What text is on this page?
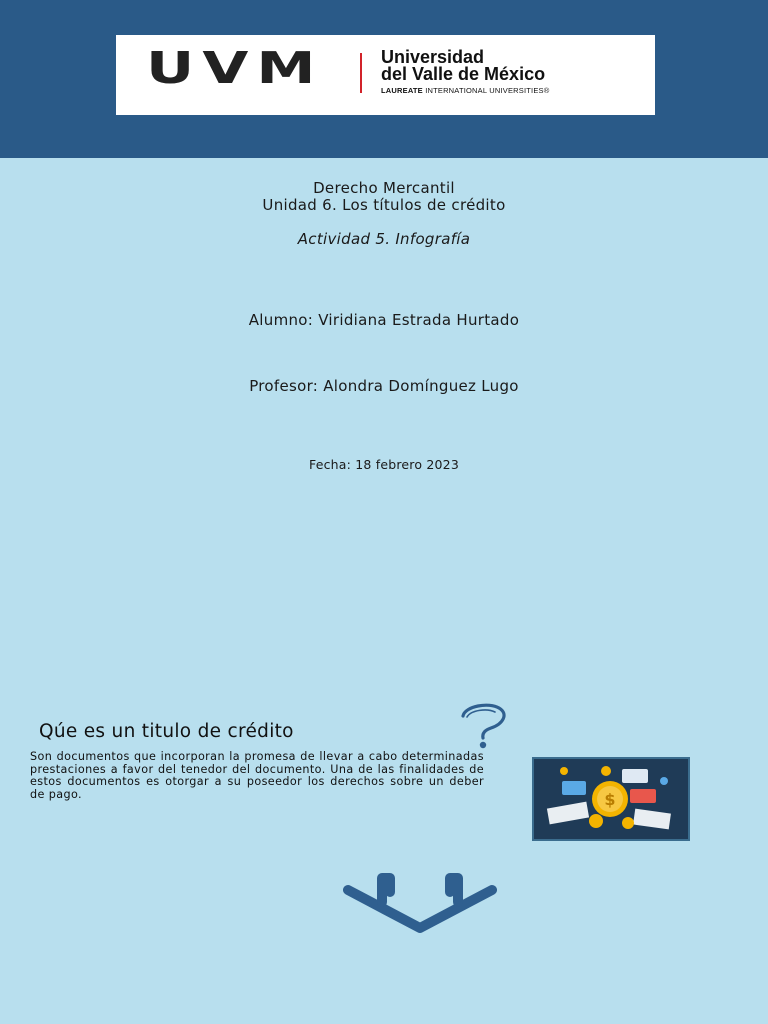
UVM	Universidad
del Valle de México
LAUREATE INTERNATIONAL UNIVERSITIES®
Derecho Mercantil
Unidad 6. Los títulos de crédito
Actividad 5. Infografía
Alumno: Viridiana Estrada Hurtado
Profesor: Alondra Domínguez Lugo
Fecha: 18 febrero 2023
Qúe es un titulo de crédito
Son documentos que incorporan la promesa de llevar a cabo determinadas prestaciones a favor del tenedor del documento. Una de las finalidades de estos documentos es otorgar a su poseedor los derechos sobre un deber de pago.	$
